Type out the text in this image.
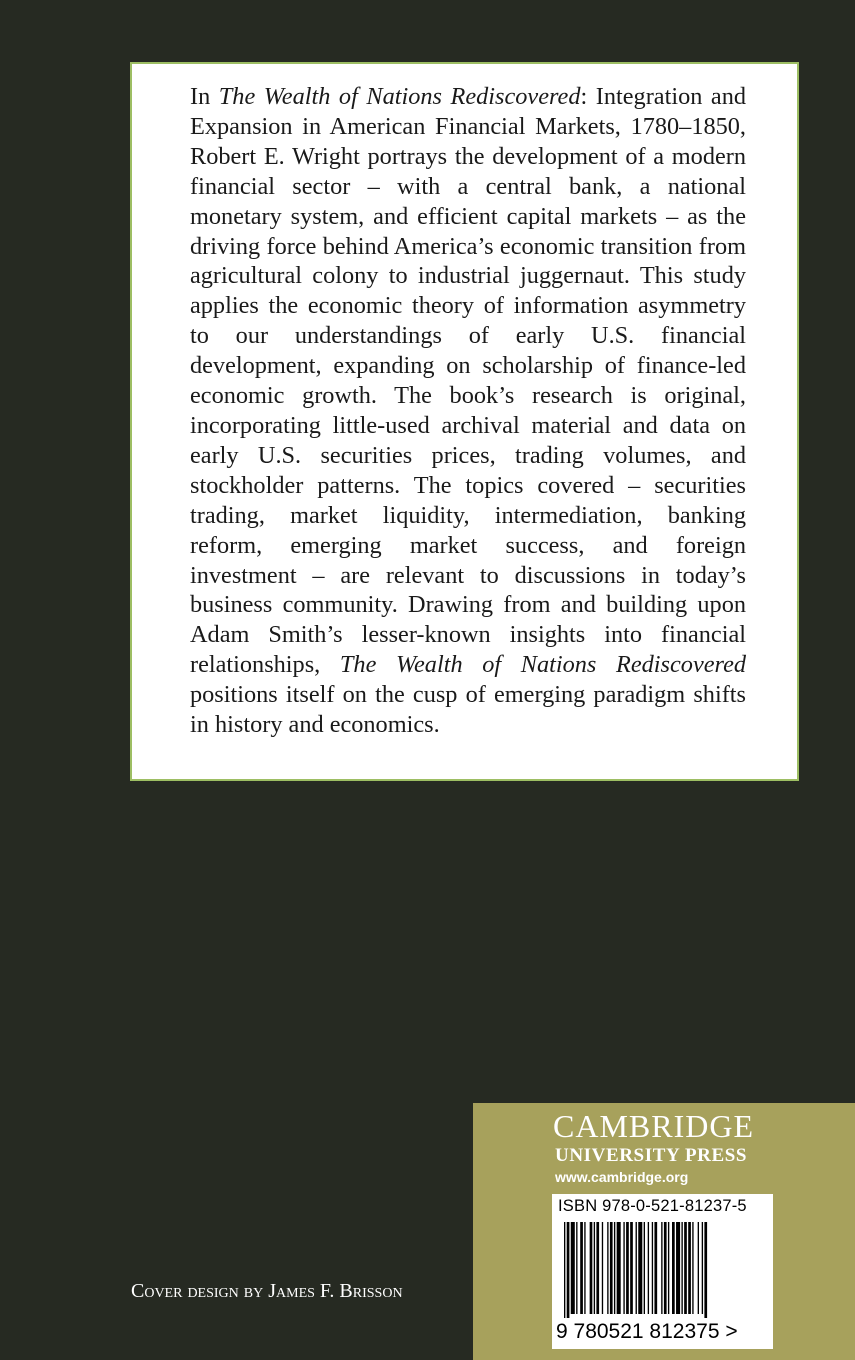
In The Wealth of Nations Rediscovered: Integration and Expansion in American Financial Markets, 1780–1850, Robert E. Wright portrays the development of a modern financial sector – with a central bank, a national monetary system, and efficient capital markets – as the driving force behind America’s economic transition from agricultural colony to industrial juggernaut. This study applies the economic theory of information asymmetry to our understandings of early U.S. financial development, expanding on scholarship of finance-led economic growth. The book’s research is original, incorporating little-used archival material and data on early U.S. securities prices, trading volumes, and stockholder patterns. The topics covered – securities trading, market liquidity, intermediation, banking reform, emerging market success, and foreign investment – are relevant to discussions in today’s business community. Drawing from and building upon Adam Smith’s lesser-known insights into financial relationships, The Wealth of Nations Rediscovered positions itself on the cusp of emerging paradigm shifts in history and economics.

Cover design by James F. Brisson
CAMBRIDGE
UNIVERSITY PRESS
www.cambridge.org
ISBN 978-0-521-81237-5
9 780521 812375 >
